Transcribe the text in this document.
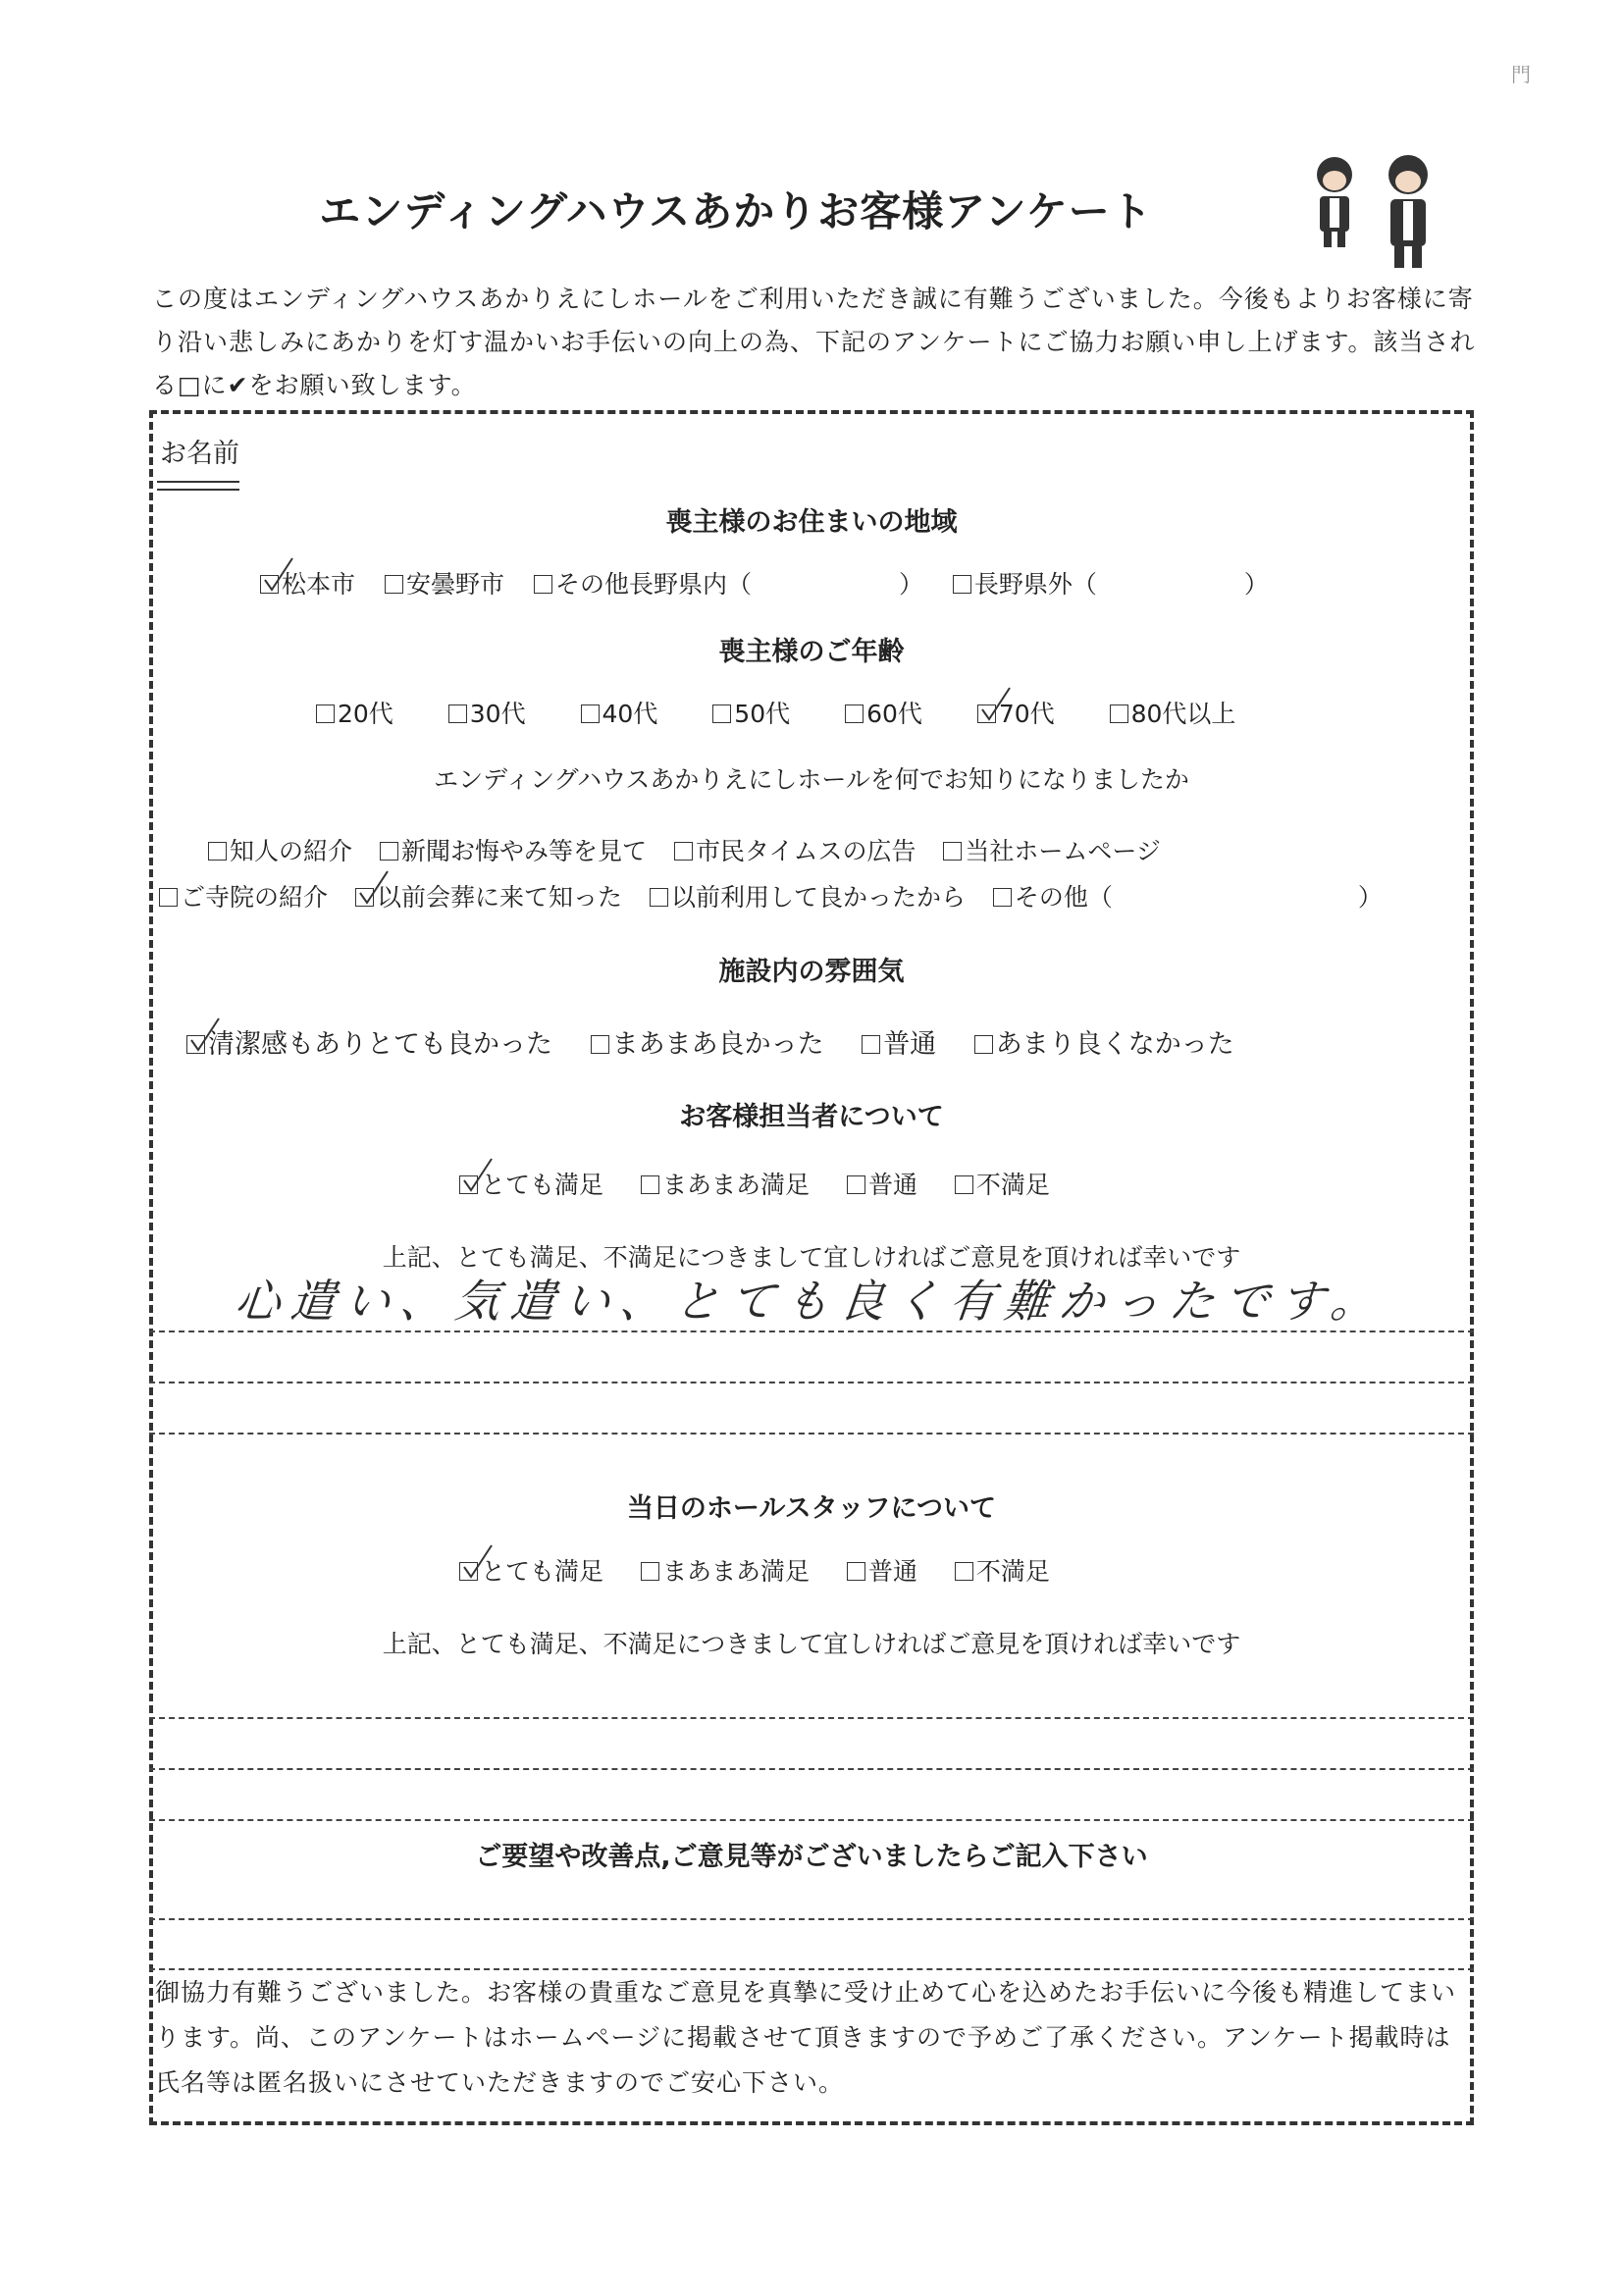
門
エンディングハウスあかりお客様アンケート
この度はエンディングハウスあかりえにしホールをご利用いただき誠に有難うございました。今後もよりお客様に寄り沿い悲しみにあかりを灯す温かいお手伝いの向上の為、下記のアンケートにご協力お願い申し上げます。該当される□に✔をお願い致します。
お名前
喪主様のお住まいの地域
松本市 安曇野市 その他長野県内（　　　　　　） 長野県外（　　　　　　）
喪主様のご年齢
20代	30代	40代	50代	60代	70代	80代以上
エンディングハウスあかりえにしホールを何でお知りになりましたか
知人の紹介 新聞お悔やみ等を見て 市民タイムスの広告 当社ホームページ
ご寺院の紹介 以前会葬に来て知った 以前利用して良かったから その他（　　　　　　　　　　）
施設内の雰囲気
清潔感もありとても良かった まあまあ良かった 普通 あまり良くなかった
お客様担当者について
とても満足 まあまあ満足 普通 不満足
上記、とても満足、不満足につきまして宜しければご意見を頂ければ幸いです
心遣い、気遣い、とても良く有難かったです。
当日のホールスタッフについて
とても満足 まあまあ満足 普通 不満足
上記、とても満足、不満足につきまして宜しければご意見を頂ければ幸いです
ご要望や改善点,ご意見等がございましたらご記入下さい
御協力有難うございました。お客様の貴重なご意見を真摯に受け止めて心を込めたお手伝いに今後も精進してまいります。尚、このアンケートはホームページに掲載させて頂きますので予めご了承ください。アンケート掲載時は氏名等は匿名扱いにさせていただきますのでご安心下さい。
